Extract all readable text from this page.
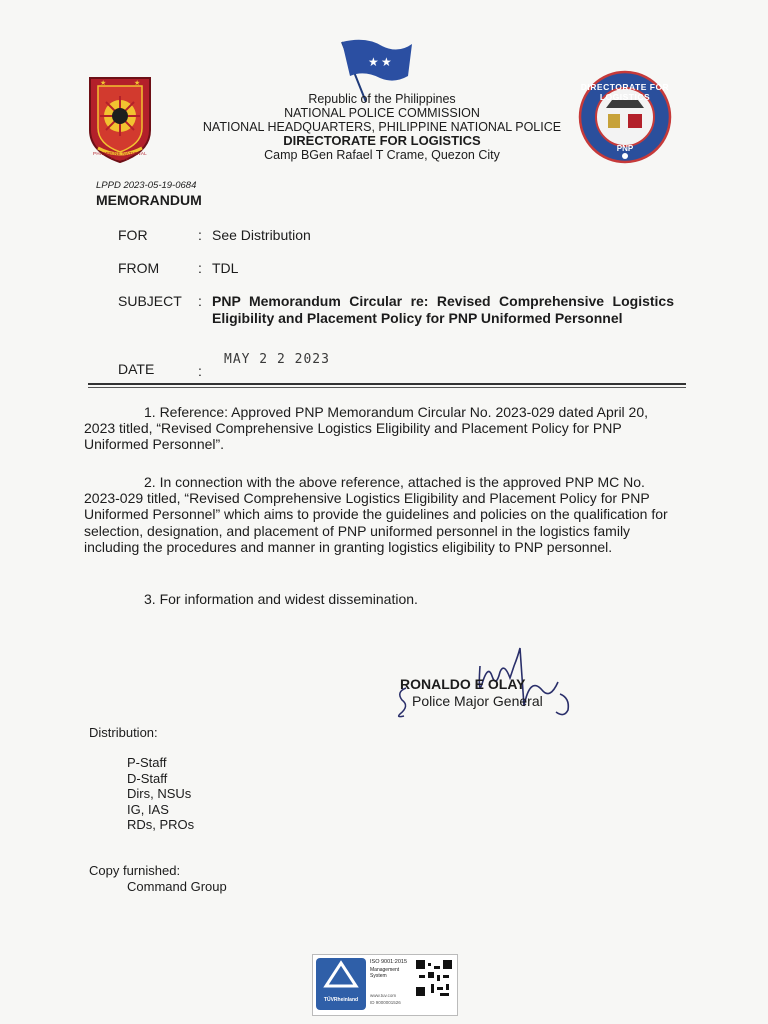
★ ★
★	★	DIRECTORATE FOR LOGISTICS
PNP
PHILIPPINE NATIONAL POLICE
Republic of the Philippines
NATIONAL POLICE COMMISSION
NATIONAL HEADQUARTERS, PHILIPPINE NATIONAL POLICE
DIRECTORATE FOR LOGISTICS
Camp BGen Rafael T Crame, Quezon City
LPPD 2023-05-19-0684
MEMORANDUM
FOR	: See Distribution
FROM	: TDL
SUBJECT : PNP Memorandum Circular re: Revised Comprehensive Logistics Eligibility and Placement Policy for PNP Uniformed Personnel
DATE	:
MAY 2 2 2023
1. Reference: Approved PNP Memorandum Circular No. 2023-029 dated April 20, 2023 titled, “Revised Comprehensive Logistics Eligibility and Placement Policy for PNP Uniformed Personnel”.
2. In connection with the above reference, attached is the approved PNP MC No. 2023-029 titled, “Revised Comprehensive Logistics Eligibility and Placement Policy for PNP Uniformed Personnel” which aims to provide the guidelines and policies on the qualification for selection, designation, and placement of PNP uniformed personnel in the logistics family including the procedures and manner in granting logistics eligibility to PNP personnel.
3. For information and widest dissemination.
RONALDO E OLAY
Police Major General
Distribution:
P-Staff
D-Staff
Dirs, NSUs
IG, IAS
RDs, PROs
Copy furnished:
Command Group
TÜVRheinland
ISO 9001:2015
Management System
www.tuv.com
ID 9000001526
